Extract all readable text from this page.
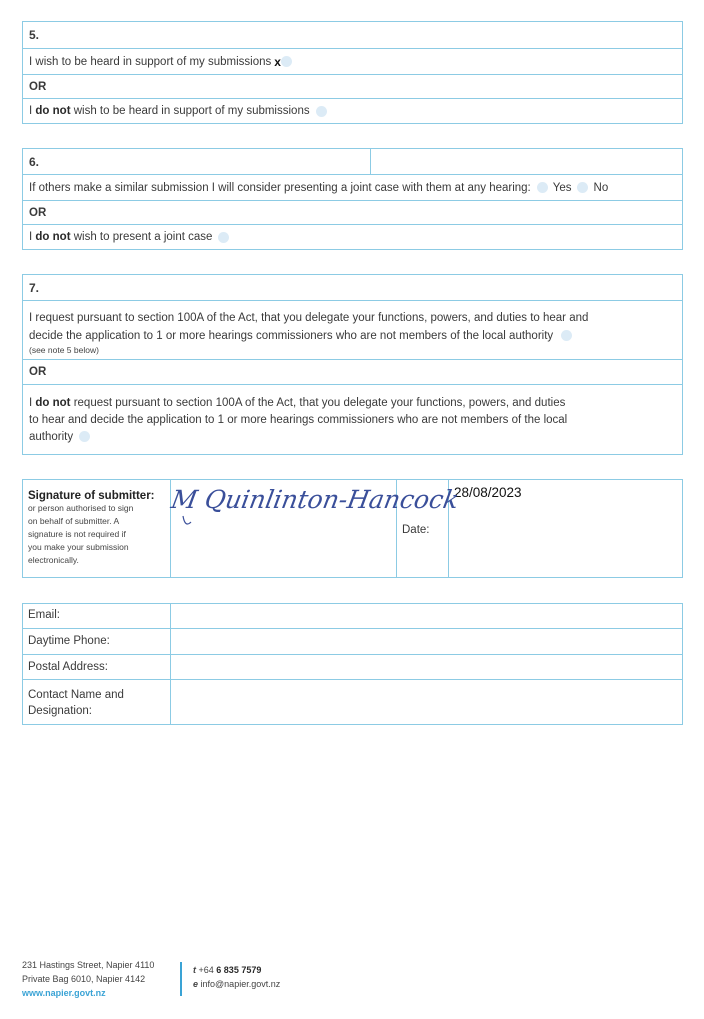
5.
I wish to be heard in support of my submissions x
OR
I
do not wish to be heard in support of my submissions
6.
If others make a similar submission I will consider presenting a joint case with them at any hearing: Yes No
OR
I
do not wish to present a joint case
7.
I request pursuant to section 100A of the Act, that you delegate your functions, powers, and duties to hear and
decide the application to 1 or more hearings commissioners who are not members of the local authority
(see note 5 below)
OR
I do not request pursuant to section 100A of the Act, that you delegate your functions, powers, and duties
to hear and decide the application to 1 or more hearings commissioners who are not members of the local
authority
Signature of submitter:
or person authorised to sign
on behalf of submitter. A
signature is not required if
you make your submission
electronically.

M Quinlinton-Hancock
	Date:	28/08/2023
Email:	
Daytime Phone:	
Postal Address:	

Contact Name and
Designation:	

231 Hastings Street, Napier 4110
Private Bag 6010, Napier 4142
www.napier.govt.nz
t +64 6 835 7579
e info@napier.govt.nz
